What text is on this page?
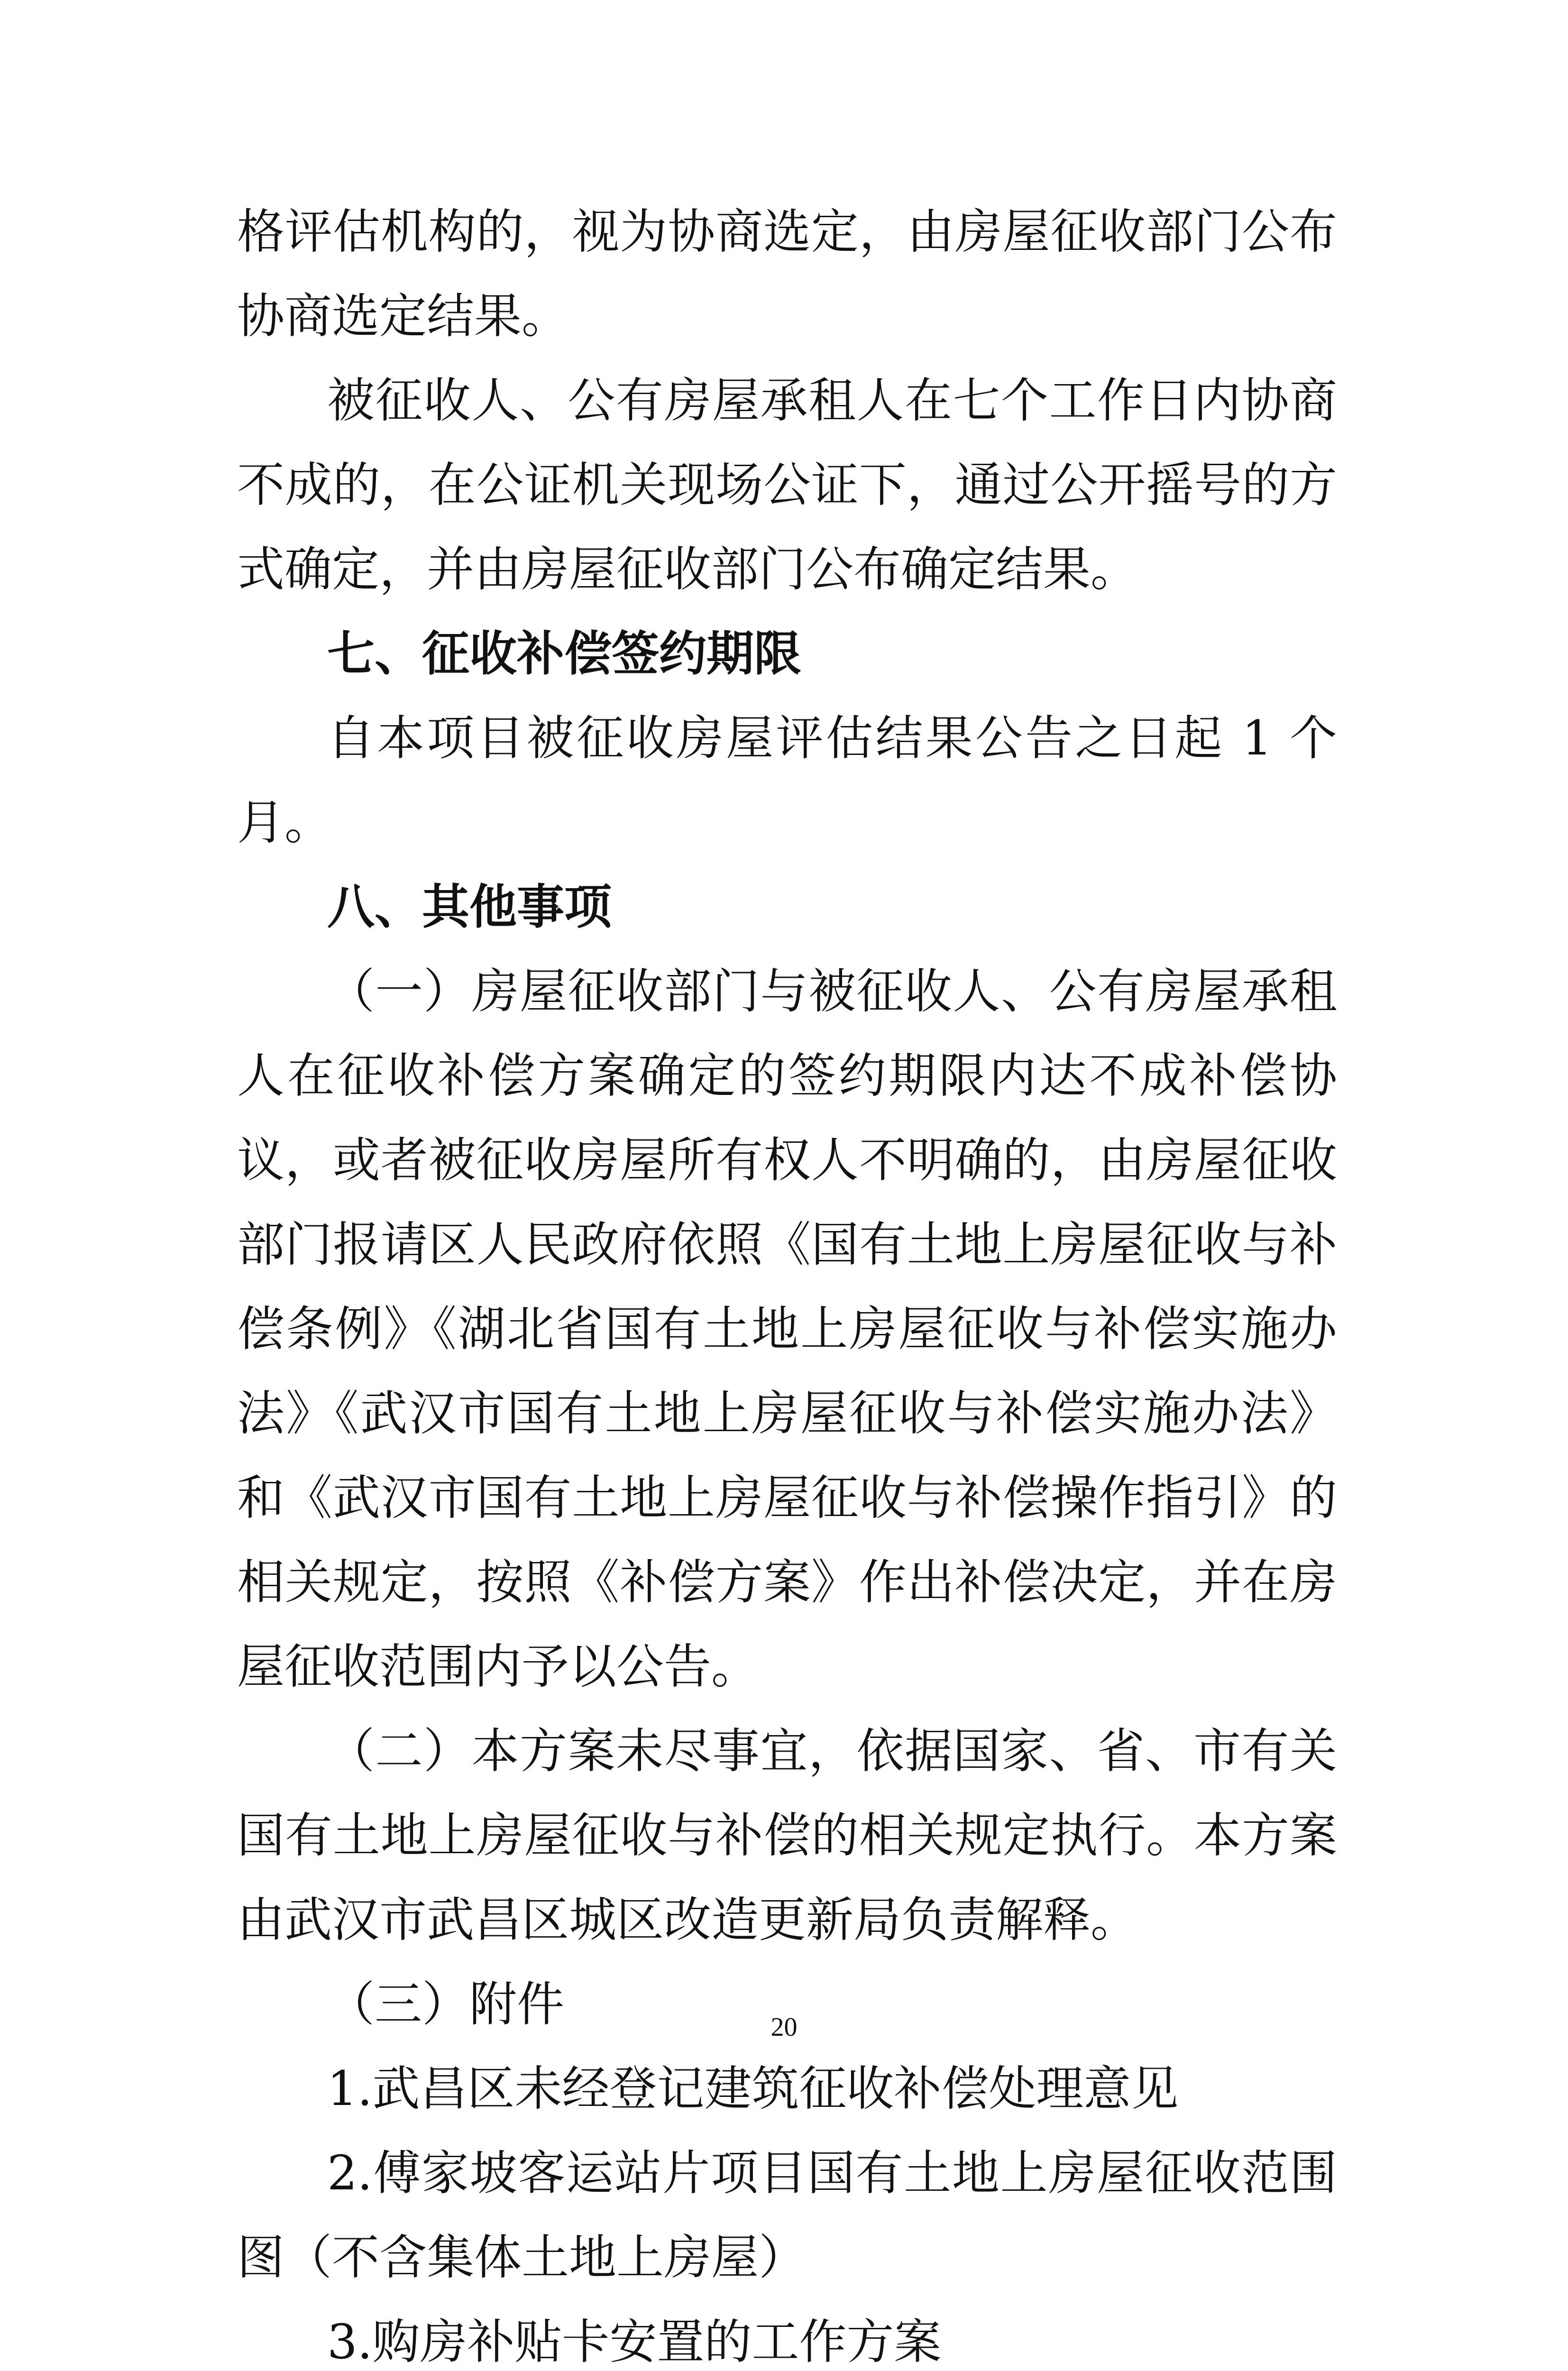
格评估机构的，视为协商选定，由房屋征收部门公布协商选定结果。

被征收人、公有房屋承租人在七个工作日内协商不成的，在公证机关现场公证下，通过公开摇号的方式确定，并由房屋征收部门公布确定结果。

七、征收补偿签约期限

自本项目被征收房屋评估结果公告之日起 1 个月。

八、其他事项

（一）房屋征收部门与被征收人、公有房屋承租人在征收补偿方案确定的签约期限内达不成补偿协议，或者被征收房屋所有权人不明确的，由房屋征收部门报请区人民政府依照《国有土地上房屋征收与补偿条例》《湖北省国有土地上房屋征收与补偿实施办法》《武汉市国有土地上房屋征收与补偿实施办法》和《武汉市国有土地上房屋征收与补偿操作指引》的相关规定，按照《补偿方案》作出补偿决定，并在房屋征收范围内予以公告。

（二）本方案未尽事宜，依据国家、省、市有关国有土地上房屋征收与补偿的相关规定执行。本方案由武汉市武昌区城区改造更新局负责解释。

（三）附件

1.武昌区未经登记建筑征收补偿处理意见

2.傅家坡客运站片项目国有土地上房屋征收范围图（不含集体土地上房屋）

3.购房补贴卡安置的工作方案

20
